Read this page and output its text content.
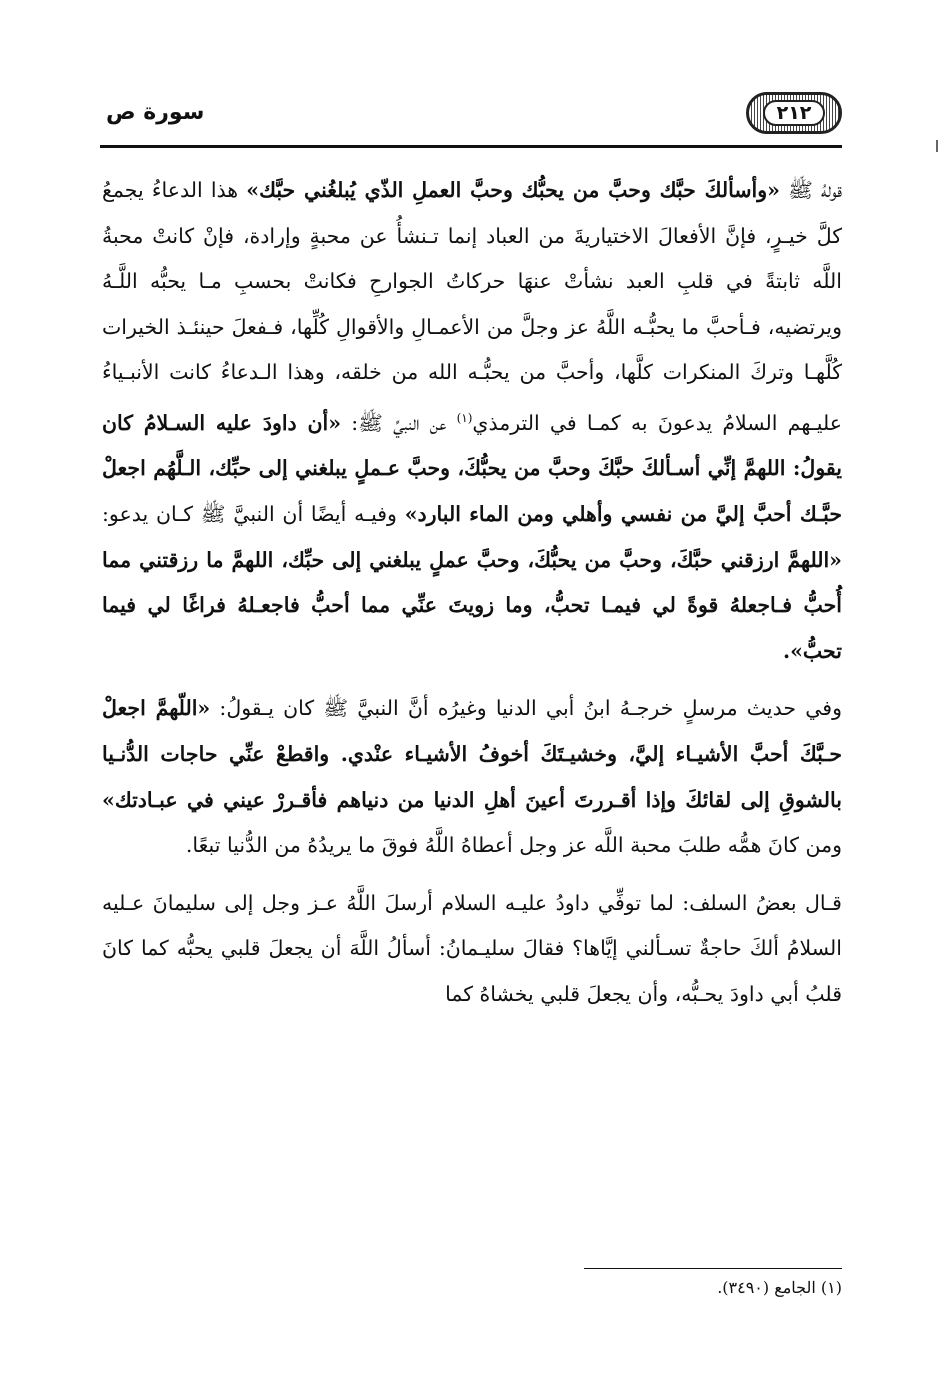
٢١٢
سورة ص

قولهُ ﷺ «وأسألكَ حبَّك وحبَّ من يحبُّك وحبَّ العملِ الذّي يُبلغُني حبَّك» هذا الدعاءُ يجمعُ كلَّ خيـرٍ، فإنَّ الأفعالَ الاختياريةَ من العباد إنما تـنشأُ عن محبةٍ وإرادة، فإنْ كانتْ محبةُ اللَّه ثابتةً في قلبِ العبد نشأتْ عنهَا حركاتُ الجوارحِ فكانتْ بحسبِ مـا يحبُّه اللَّـهُ ويرتضيه، فـأحبَّ ما يحبُّـه اللَّهُ عز وجلَّ من الأعمـالِ والأقوالِ كُلِّها، فـفعلَ حينئـذ الخيرات كُلَّهـا وتركَ المنكرات كلَّها، وأحبَّ من يحبُّـه الله من خلقه، وهذا الـدعاءُ كانت الأنبـياءُ عليـهم السلامُ يدعونَ به كمـا في الترمذي$^{(١)}$ عن النبيِّ ﷺ: «أن داودَ عليه السـلامُ كان يقولُ: اللهمَّ إنِّي أسـألكَ حبَّكَ وحبَّ من يحبُّكَ، وحبَّ عـملٍ يبلغني إلى حبِّك، الـلَّهُم اجعلْ حبَّـك أحبَّ إليَّ من نفسي وأهلي ومن الماء البارد» وفيـه أيضًا أن النبيَّ ﷺ كـان يدعو: «اللهمَّ ارزقني حبَّكَ، وحبَّ من يحبُّكَ، وحبَّ عملٍ يبلغني إلى حبِّك، اللهمَّ ما رزقتني مما أُحبُّ فـاجعلهُ قوةً لي فيمـا تحبُّ، وما زويتَ عنِّي مما أحبُّ فاجعـلهُ فراغًا لي فيما تحبُّ».

وفي حديث مرسلٍ خرجـهُ ابنُ أبي الدنيا وغيرُه أنَّ النبيَّ ﷺ كان يـقولُ: «اللّهمَّ اجعلْ حـبَّكَ أحبَّ الأشيـاء إليَّ، وخشيـتَكَ أخوفُ الأشيـاء عنْدي. واقطعْ عنِّي حاجات الدُّنـيا بالشوقِ إلى لقائكَ وإذا أقـررتَ أعينَ أهلِ الدنيا من دنياهم فأقـررْ عيني في عبـادتك» ومن كانَ همُّه طلبَ محبة اللَّه عز وجل أعطاهُ اللَّهُ فوقَ ما يريدُهُ من الدُّنيا تبعًا.

قـال بعضُ السلف: لما توفِّي داودُ عليـه السلام أرسلَ اللَّهُ عـز وجل إلى سليمانَ عـليه السلامُ ألكَ حاجةٌ تسـألني إيَّاها؟ فقالَ سليـمانُ: أسألُ اللَّهَ أن يجعلَ قلبي يحبُّه كما كانَ قلبُ أبي داودَ يحـبُّه، وأن يجعلَ قلبي يخشاهُ كما

(١) الجامع (٣٤٩٠).
